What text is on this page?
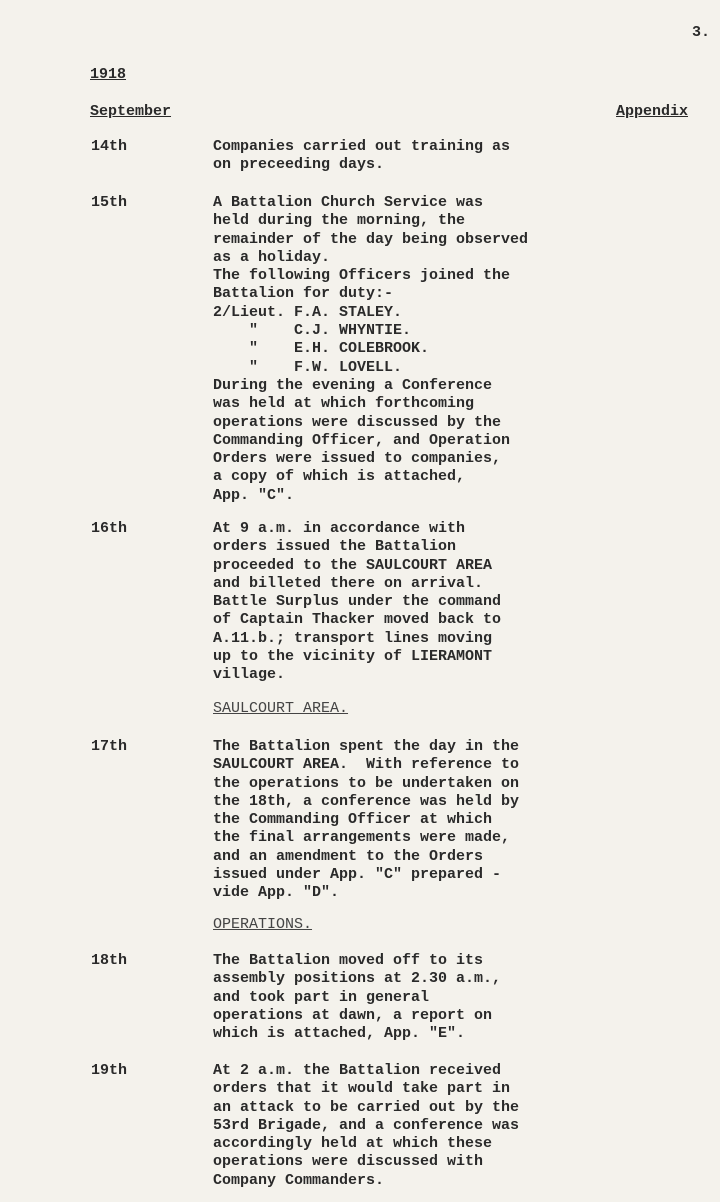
3.
1918
September	Appendix
14th	Companies carried out training as
on preceeding days.
15th	A Battalion Church Service was
held during the morning, the
remainder of the day being observed
as a holiday.
The following Officers joined the
Battalion for duty:-
2/Lieut. F.A. STALEY.
"    C.J. WHYNTIE.
"    E.H. COLEBROOK.
"    F.W. LOVELL.
During the evening a Conference
was held at which forthcoming
operations were discussed by the
Commanding Officer, and Operation
Orders were issued to companies,
a copy of which is attached,
App. "C".
16th	At 9 a.m. in accordance with
orders issued the Battalion
proceeded to the SAULCOURT AREA
and billeted there on arrival.
Battle Surplus under the command
of Captain Thacker moved back to
A.11.b.; transport lines moving
up to the vicinity of LIERAMONT
village.
SAULCOURT AREA.
17th	The Battalion spent the day in the
SAULCOURT AREA.  With reference to
the operations to be undertaken on
the 18th, a conference was held by
the Commanding Officer at which
the final arrangements were made,
and an amendment to the Orders
issued under App. "C" prepared -
vide App. "D".
OPERATIONS.
18th	The Battalion moved off to its
assembly positions at 2.30 a.m.,
and took part in general
operations at dawn, a report on
which is attached, App. "E".
19th	At 2 a.m. the Battalion received
orders that it would take part in
an attack to be carried out by the
53rd Brigade, and a conference was
accordingly held at which these
operations were discussed with
Company Commanders.
